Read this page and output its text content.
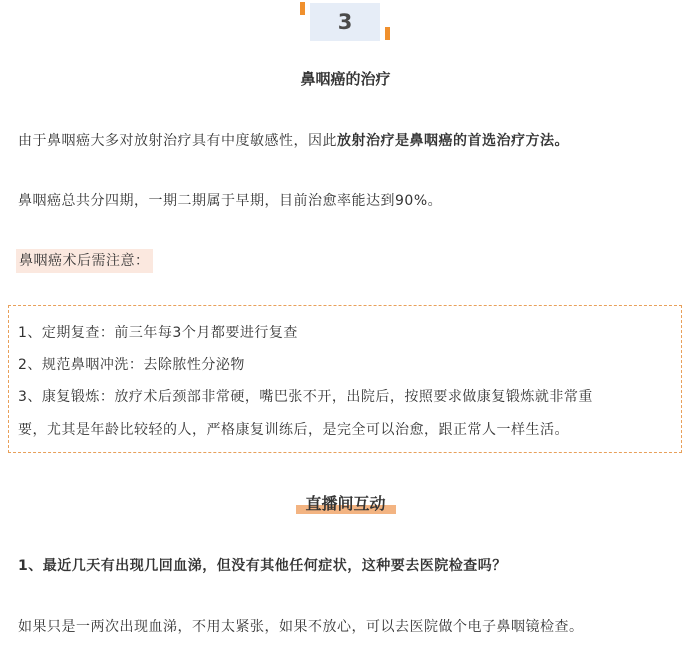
3
鼻咽癌的治疗
由于鼻咽癌大多对放射治疗具有中度敏感性，因此放射治疗是鼻咽癌的首选治疗方法。
鼻咽癌总共分四期，一期二期属于早期，目前治愈率能达到90%。
鼻咽癌术后需注意：
1、定期复查：前三年每3个月都要进行复查
2、规范鼻咽冲洗：去除脓性分泌物
3、康复锻炼：放疗术后颈部非常硬，嘴巴张不开，出院后，按照要求做康复锻炼就非常重
要，尤其是年龄比较轻的人，严格康复训练后，是完全可以治愈，跟正常人一样生活。
直播间互动
1、最近几天有出现几回血涕，但没有其他任何症状，这种要去医院检查吗？
如果只是一两次出现血涕，不用太紧张，如果不放心，可以去医院做个电子鼻咽镜检查。
